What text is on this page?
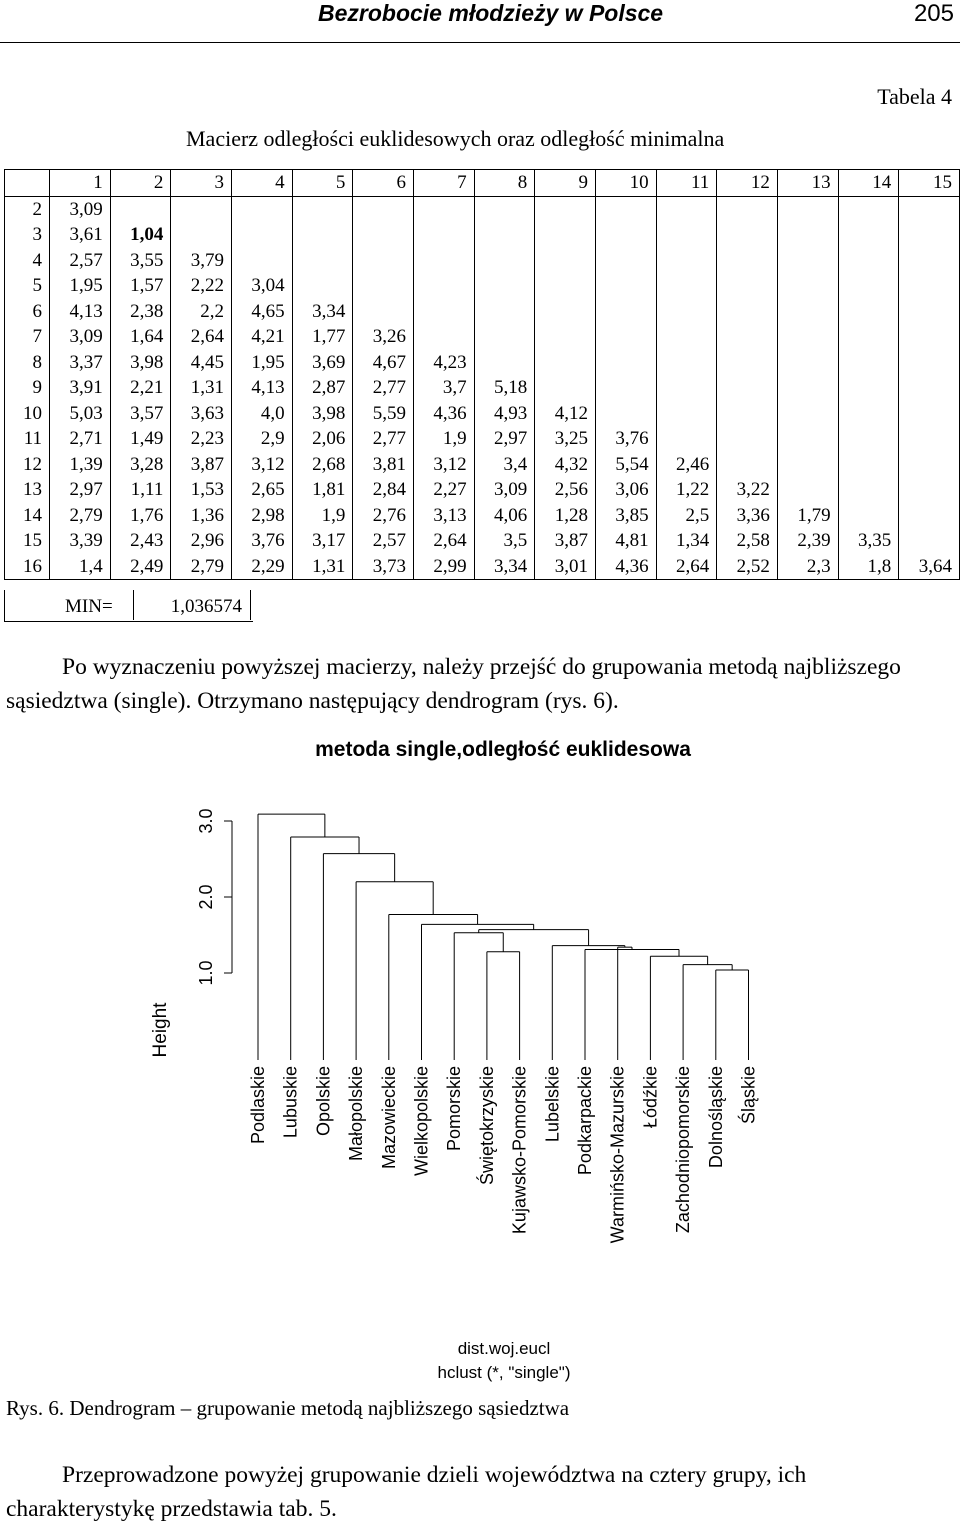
Bezrobocie młodzieży w Polsce	205
Tabela 4
Macierz odległości euklidesowych oraz odległość minimalna
	1	2	3	4	5	6	7	8	9	10	11	12	13	14	15
2	3,09														
3	3,61	1,04													
4	2,57	3,55	3,79												
5	1,95	1,57	2,22	3,04											
6	4,13	2,38	2,2	4,65	3,34										
7	3,09	1,64	2,64	4,21	1,77	3,26									
8	3,37	3,98	4,45	1,95	3,69	4,67	4,23								
9	3,91	2,21	1,31	4,13	2,87	2,77	3,7	5,18							
10	5,03	3,57	3,63	4,0	3,98	5,59	4,36	4,93	4,12						
11	2,71	1,49	2,23	2,9	2,06	2,77	1,9	2,97	3,25	3,76					
12	1,39	3,28	3,87	3,12	2,68	3,81	3,12	3,4	4,32	5,54	2,46				
13	2,97	1,11	1,53	2,65	1,81	2,84	2,27	3,09	2,56	3,06	1,22	3,22			
14	2,79	1,76	1,36	2,98	1,9	2,76	3,13	4,06	1,28	3,85	2,5	3,36	1,79		
15	3,39	2,43	2,96	3,76	3,17	2,57	2,64	3,5	3,87	4,81	1,34	2,58	2,39	3,35	
16	1,4	2,49	2,79	2,29	1,31	3,73	2,99	3,34	3,01	4,36	2,64	2,52	2,3	1,8	3,64
MIN=	1,036574
Po wyznaczeniu powyższej macierzy, należy przejść do grupowania metodą najbliższego sąsiedztwa (single). Otrzymano następujący dendrogram (rys. 6).
metoda single,odległość euklidesowa
1.0
2.0
3.0
Height
Podlaskie Lubuskie Opolskie Małopolskie Mazowieckie Wielkopolskie Pomorskie Świętokrzyskie Kujawsko-Pomorskie Lubelskie Podkarpackie Warmińsko-Mazurskie Łódźkie Zachodniopomorskie Dolnośląskie Śląskie
dist.woj.eucl
hclust (*, "single")
Rys. 6. Dendrogram – grupowanie metodą najbliższego sąsiedztwa
Przeprowadzone powyżej grupowanie dzieli województwa na cztery grupy, ich charakterystykę przedstawia tab. 5.
